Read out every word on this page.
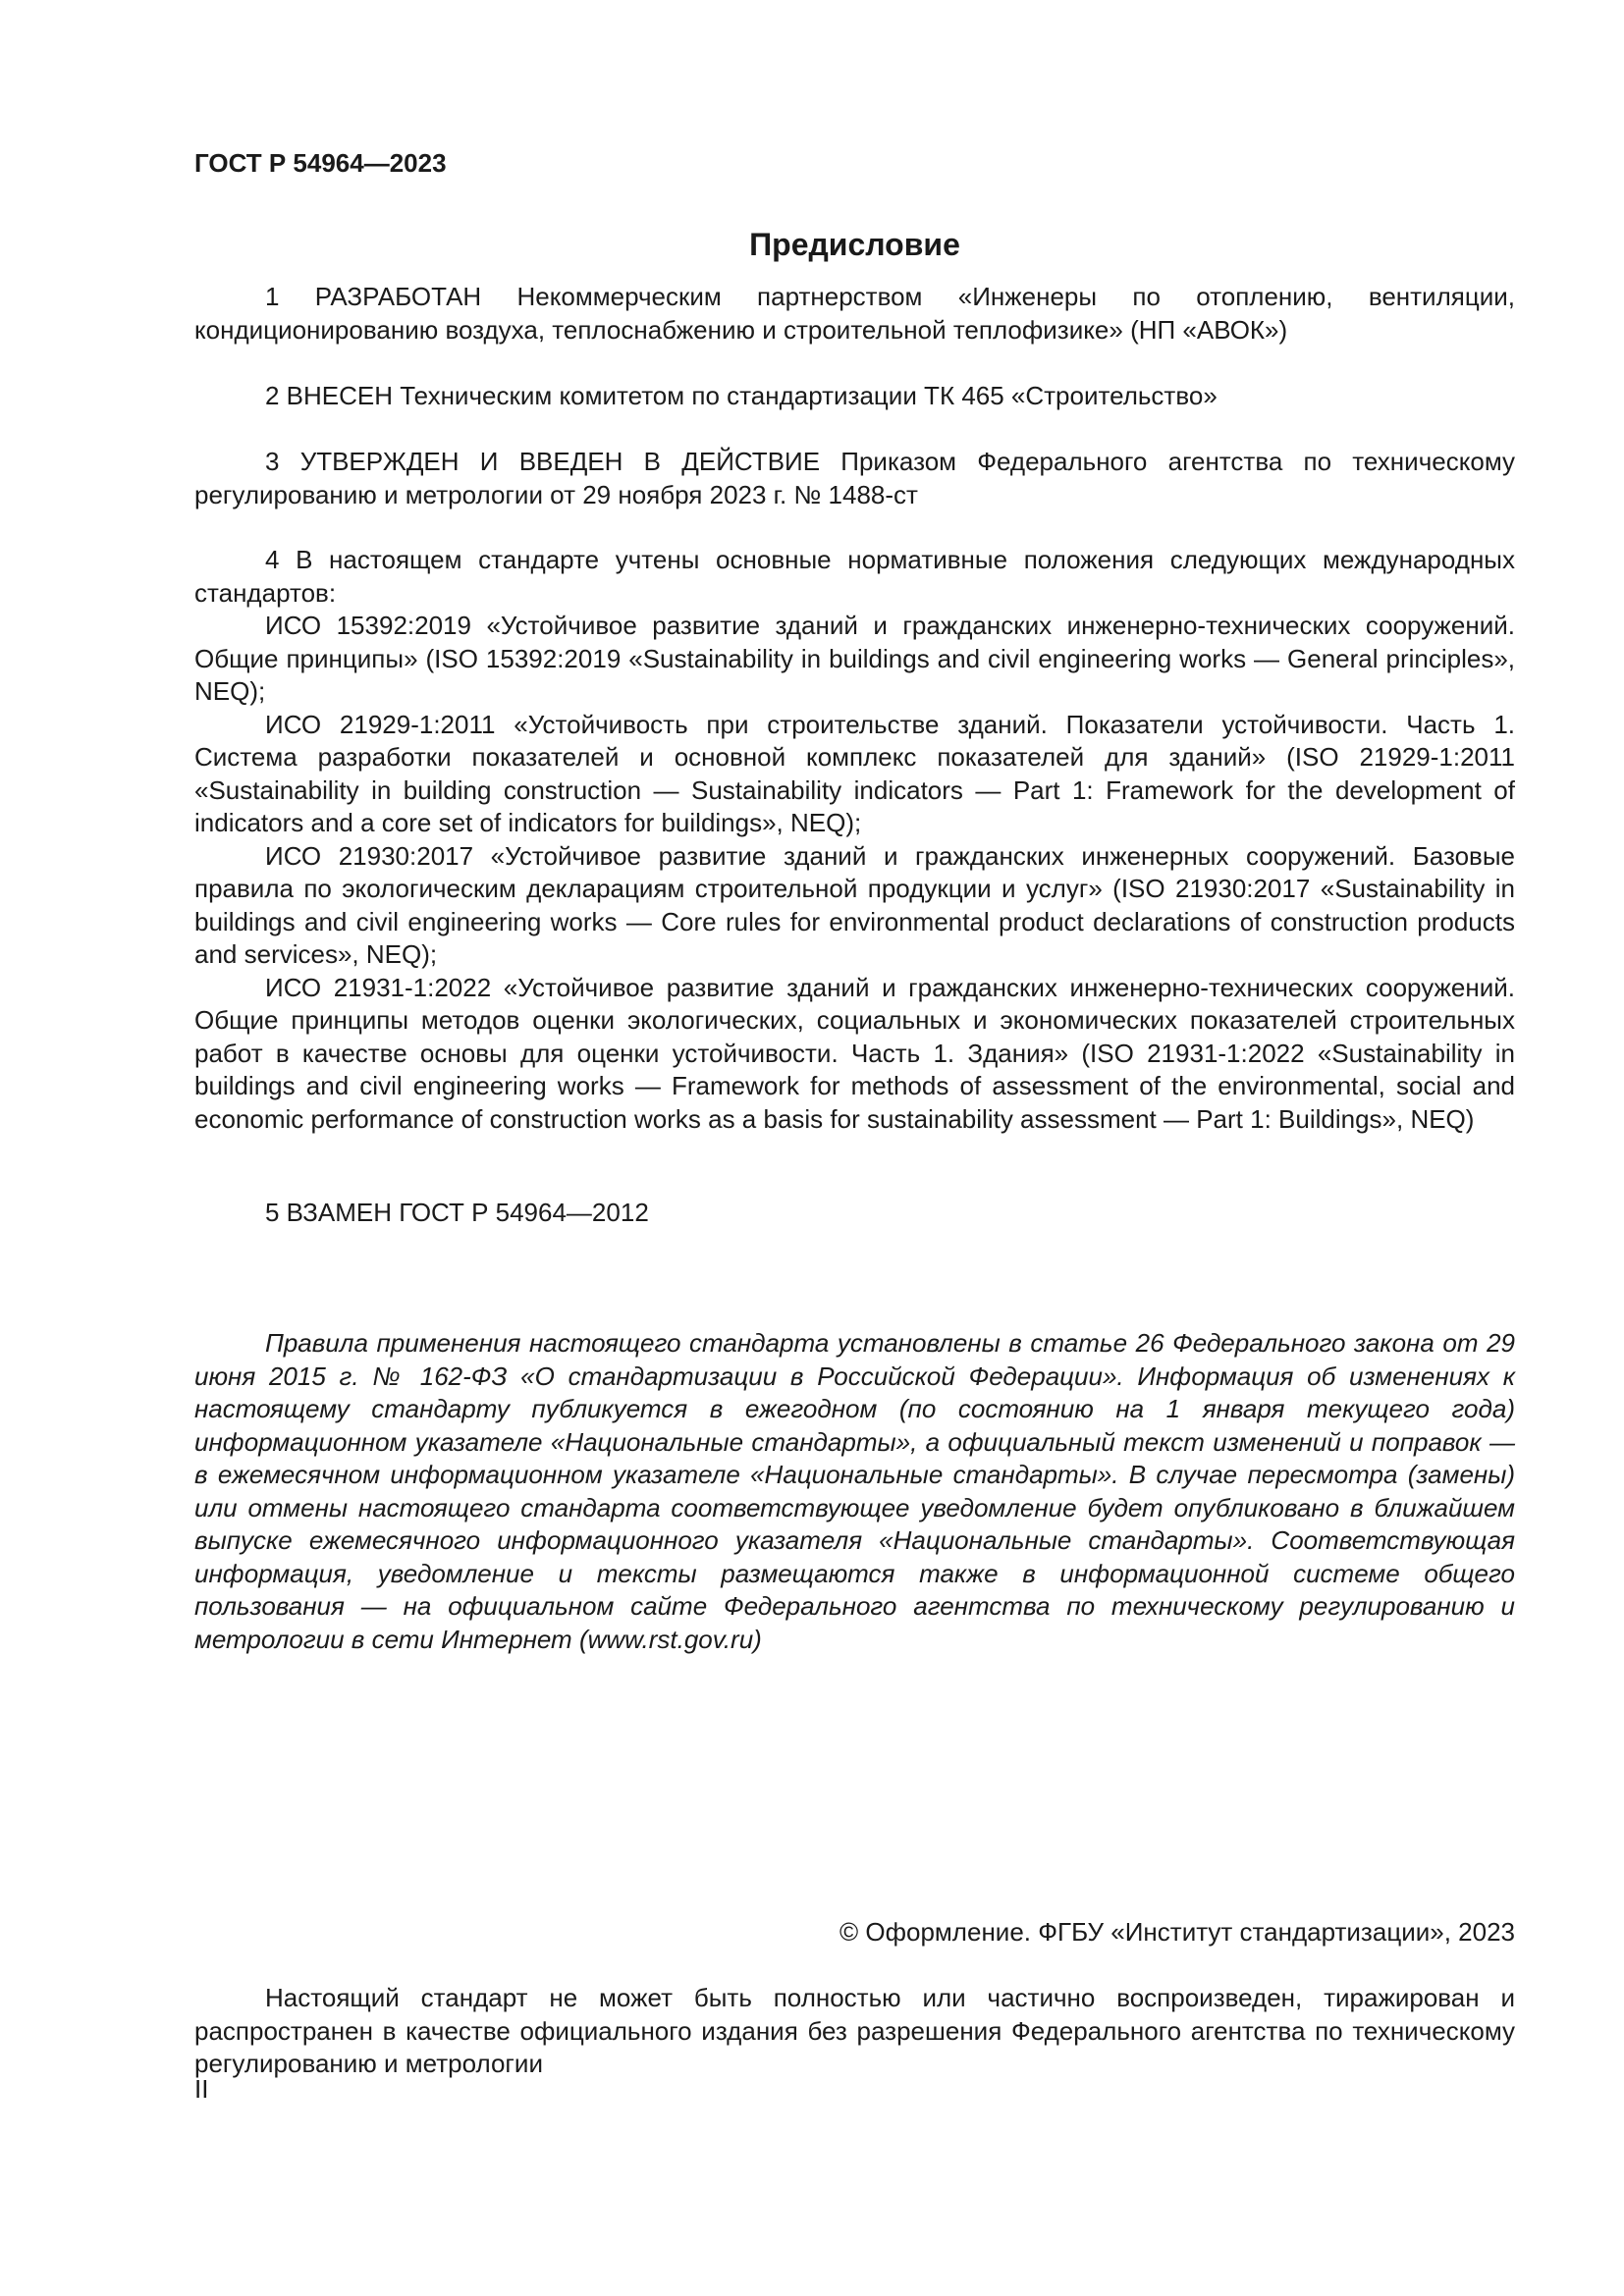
ГОСТ Р 54964—2023

Предисловие

1 РАЗРАБОТАН Некоммерческим партнерством «Инженеры по отоплению, вентиляции, кондиционированию воздуха, теплоснабжению и строительной теплофизике» (НП «АВОК»)

2 ВНЕСЕН Техническим комитетом по стандартизации ТК 465 «Строительство»

3 УТВЕРЖДЕН И ВВЕДЕН В ДЕЙСТВИЕ Приказом Федерального агентства по техническому регулированию и метрологии от 29 ноября 2023 г. № 1488-ст

4 В настоящем стандарте учтены основные нормативные положения следующих международных стандартов:

ИСО 15392:2019 «Устойчивое развитие зданий и гражданских инженерно-технических сооружений. Общие принципы» (ISO 15392:2019 «Sustainability in buildings and civil engineering works — General principles», NEQ);

ИСО 21929-1:2011 «Устойчивость при строительстве зданий. Показатели устойчивости. Часть 1. Система разработки показателей и основной комплекс показателей для зданий» (ISO 21929-1:2011 «Sustainability in building construction — Sustainability indicators — Part 1: Framework for the development of indicators and a core set of indicators for buildings», NEQ);

ИСО 21930:2017 «Устойчивое развитие зданий и гражданских инженерных сооружений. Базовые правила по экологическим декларациям строительной продукции и услуг» (ISO 21930:2017 «Sustainability in buildings and civil engineering works — Core rules for environmental product declarations of construction products and services», NEQ);

ИСО 21931-1:2022 «Устойчивое развитие зданий и гражданских инженерно-технических сооружений. Общие принципы методов оценки экологических, социальных и экономических показателей строительных работ в качестве основы для оценки устойчивости. Часть 1. Здания» (ISO 21931-1:2022 «Sustainability in buildings and civil engineering works — Framework for methods of assessment of the environmental, social and economic performance of construction works as a basis for sustainability assessment — Part 1: Buildings», NEQ)

5 ВЗАМЕН ГОСТ Р 54964—2012

Правила применения настоящего стандарта установлены в статье 26 Федерального закона от 29 июня 2015 г. № 162-ФЗ «О стандартизации в Российской Федерации». Информация об изменениях к настоящему стандарту публикуется в ежегодном (по состоянию на 1 января текущего года) информационном указателе «Национальные стандарты», а официальный текст изменений и поправок — в ежемесячном информационном указателе «Национальные стандарты». В случае пересмотра (замены) или отмены настоящего стандарта соответствующее уведомление будет опубликовано в ближайшем выпуске ежемесячного информационного указателя «Национальные стандарты». Соответствующая информация, уведомление и тексты размещаются также в информационной системе общего пользования — на официальном сайте Федерального агентства по техническому регулированию и метрологии в сети Интернет (www.rst.gov.ru)

© Оформление. ФГБУ «Институт стандартизации», 2023

Настоящий стандарт не может быть полностью или частично воспроизведен, тиражирован и распространен в качестве официального издания без разрешения Федерального агентства по техническому регулированию и метрологии

II
